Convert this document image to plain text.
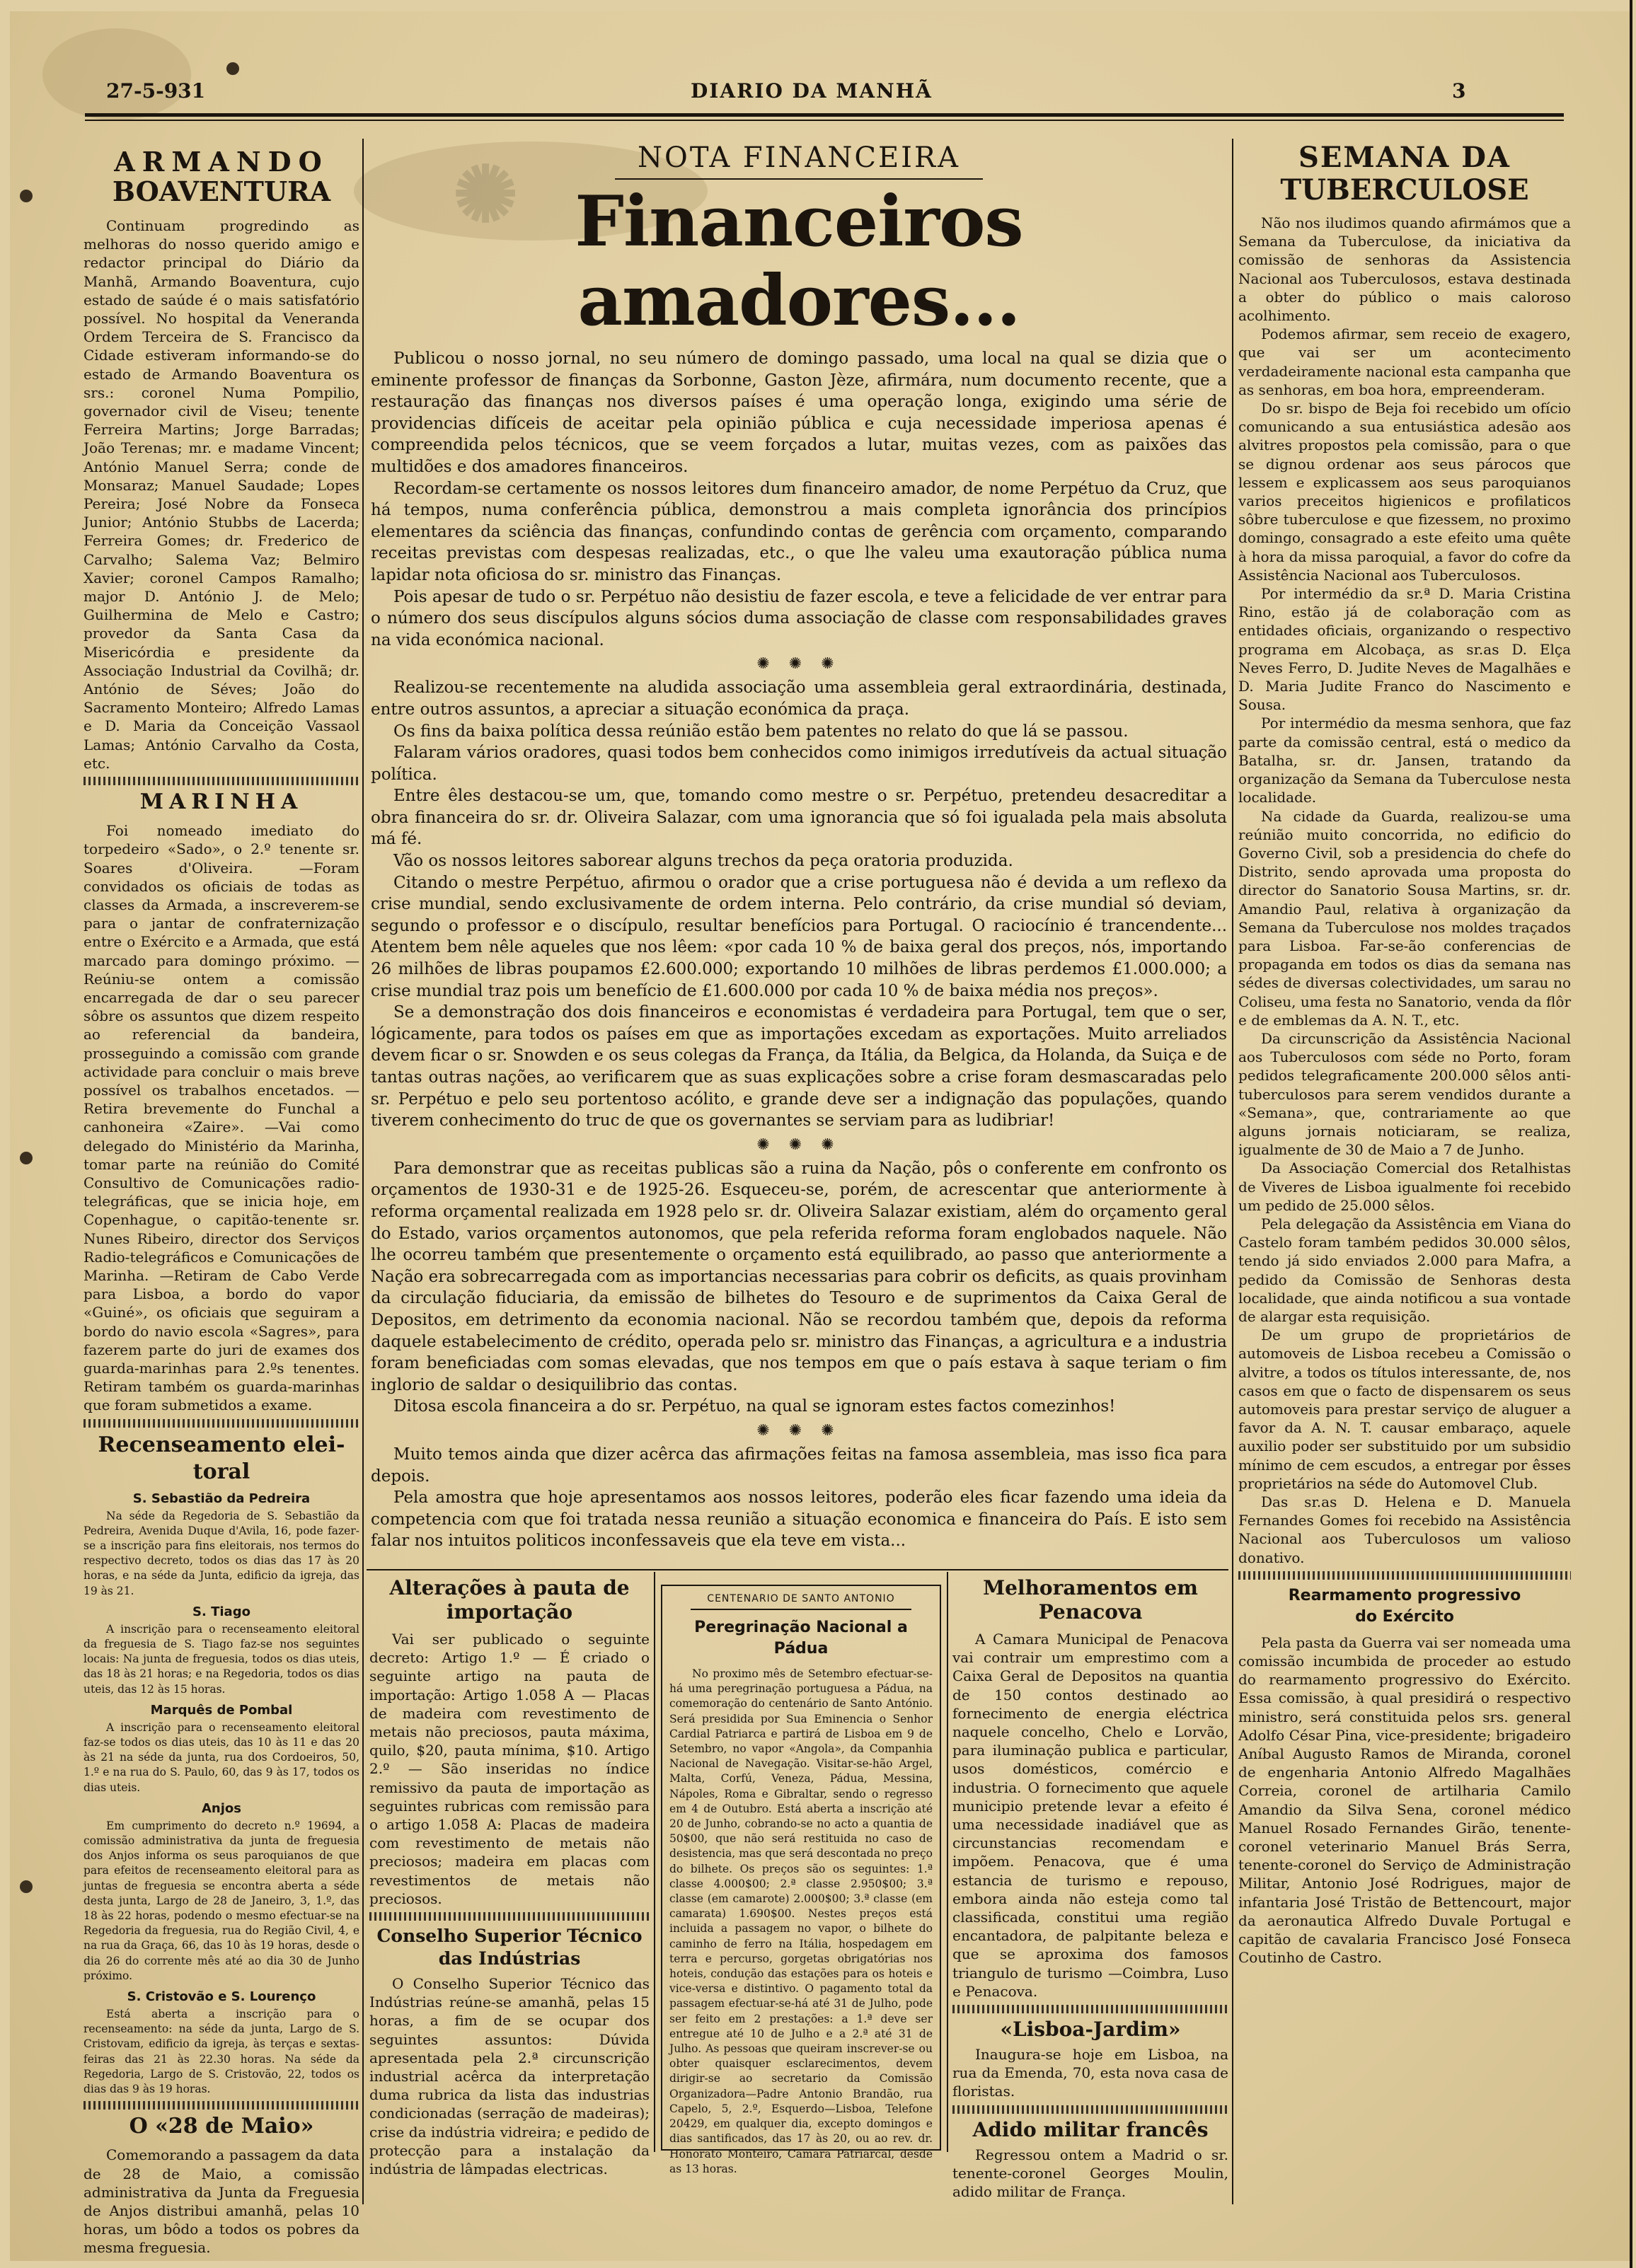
27-5-931	DIARIO DA MANHÃ	3
✺

ARMANDO

BOAVENTURA

Continuam progredindo as melhoras do nosso querido amigo e redactor principal do Diário da Manhã, Armando Boaventura, cujo estado de saúde é o mais satisfatório possível. No hospital da Veneranda Ordem Terceira de S. Francisco da Cidade estiveram informando-se do estado de Armando Boaventura os srs.: coronel Numa Pompilio, governador civil de Viseu; tenente Ferreira Martins; Jorge Barradas; João Terenas; mr. e madame Vincent; António Manuel Serra; conde de Monsaraz; Manuel Saudade; Lopes Pereira; José Nobre da Fonseca Junior; António Stubbs de Lacerda; Ferreira Gomes; dr. Frederico de Carvalho; Salema Vaz; Belmiro Xavier; coronel Campos Ramalho; major D. António J. de Melo; Guilhermina de Melo e Castro; provedor da Santa Casa da Misericórdia e presidente da Associação Industrial da Covilhã; dr. António de Séves; João do Sacramento Monteiro; Alfredo Lamas e D. Maria da Conceição Vassaol Lamas; António Carvalho da Costa, etc.

MARINHA

Foi nomeado imediato do torpedeiro «Sado», o 2.º tenente sr. Soares d'Oliveira. —Foram convidados os oficiais de todas as classes da Armada, a inscreverem-se para o jantar de confraternização entre o Exército e a Armada, que está marcado para domingo próximo. —Reúniu-se ontem a comissão encarregada de dar o seu parecer sôbre os assuntos que dizem respeito ao referencial da bandeira, prosseguindo a comissão com grande actividade para concluir o mais breve possível os trabalhos encetados. —Retira brevemente do Funchal a canhoneira «Zaire». —Vai como delegado do Ministério da Marinha, tomar parte na reúnião do Comité Consultivo de Comunicações radio-telegráficas, que se inicia hoje, em Copenhague, o capitão-tenente sr. Nunes Ribeiro, director dos Serviços Radio-telegráficos e Comunicações de Marinha. —Retiram de Cabo Verde para Lisboa, a bordo do vapor «Guiné», os oficiais que seguiram a bordo do navio escola «Sagres», para fazerem parte do juri de exames dos guarda-marinhas para 2.ºs tenentes. Retiram também os guarda-marinhas que foram submetidos a exame.

Recenseamento elei-

toral

S. Sebastião da Pedreira

Na séde da Regedoria de S. Sebastião da Pedreira, Avenida Duque d'Avila, 16, pode fazer-se a inscrição para fins eleitorais, nos termos do respectivo decreto, todos os dias das 17 às 20 horas, e na séde da Junta, edificio da igreja, das 19 às 21.

S. Tiago

A inscrição para o recenseamento eleitoral da freguesia de S. Tiago faz-se nos seguintes locais: Na junta de freguesia, todos os dias uteis, das 18 às 21 horas; e na Regedoria, todos os dias uteis, das 12 às 15 horas.

Marquês de Pombal

A inscrição para o recenseamento eleitoral faz-se todos os dias uteis, das 10 às 11 e das 20 às 21 na séde da junta, rua dos Cordoeiros, 50, 1.º e na rua do S. Paulo, 60, das 9 às 17, todos os dias uteis.

Anjos

Em cumprimento do decreto n.º 19694, a comissão administrativa da junta de freguesia dos Anjos informa os seus paroquianos de que para efeitos de recenseamento eleitoral para as juntas de freguesia se encontra aberta a séde desta junta, Largo de 28 de Janeiro, 3, 1.º, das 18 às 22 horas, podendo o mesmo efectuar-se na Regedoria da freguesia, rua do Região Civil, 4, e na rua da Graça, 66, das 10 às 19 horas, desde o dia 26 do corrente mês até ao dia 30 de Junho próximo.

S. Cristovão e S. Lourenço

Está aberta a inscrição para o recenseamento: na séde da junta, Largo de S. Cristovam, edificio da igreja, às terças e sextas-feiras das 21 às 22.30 horas. Na séde da Regedoria, Largo de S. Cristovão, 22, todos os dias das 9 às 19 horas.

O «28 de Maio»

Comemorando a passagem da data de 28 de Maio, a comissão administrativa da Junta da Freguesia de Anjos distribui amanhã, pelas 10 horas, um bôdo a todos os pobres da mesma freguesia.

NOTA FINANCEIRA

Financeiros amadores...

Publicou o nosso jornal, no seu número de domingo passado, uma local na qual se dizia que o eminente professor de finanças da Sorbonne, Gaston Jèze, afirmára, num documento recente, que a restauração das finanças nos diversos países é uma operação longa, exigindo uma série de providencias difíceis de aceitar pela opinião pública e cuja necessidade imperiosa apenas é compreendida pelos técnicos, que se veem forçados a lutar, muitas vezes, com as paixões das multidões e dos amadores financeiros.

Recordam-se certamente os nossos leitores dum financeiro amador, de nome Perpétuo da Cruz, que há tempos, numa conferência pública, demonstrou a mais completa ignorância dos princípios elementares da sciência das finanças, confundindo contas de gerência com orçamento, comparando receitas previstas com despesas realizadas, etc., o que lhe valeu uma exautoração pública numa lapidar nota oficiosa do sr. ministro das Finanças.

Pois apesar de tudo o sr. Perpétuo não desistiu de fazer escola, e teve a felicidade de ver entrar para o número dos seus discípulos alguns sócios duma associação de classe com responsabilidades graves na vida económica nacional.

✺ ✺ ✺

Realizou-se recentemente na aludida associação uma assembleia geral extraordinária, destinada, entre outros assuntos, a apreciar a situação económica da praça.

Os fins da baixa política dessa reúnião estão bem patentes no relato do que lá se passou.

Falaram vários oradores, quasi todos bem conhecidos como inimigos irredutíveis da actual situação política.

Entre êles destacou-se um, que, tomando como mestre o sr. Perpétuo, pretendeu desacreditar a obra financeira do sr. dr. Oliveira Salazar, com uma ignorancia que só foi igualada pela mais absoluta má fé.

Vão os nossos leitores saborear alguns trechos da peça oratoria produzida.

Citando o mestre Perpétuo, afirmou o orador que a crise portuguesa não é devida a um reflexo da crise mundial, sendo exclusivamente de ordem interna. Pelo contrário, da crise mundial só deviam, segundo o professor e o discípulo, resultar benefícios para Portugal. O raciocínio é trancendente... Atentem bem nêle aqueles que nos lêem: «por cada 10 % de baixa geral dos preços, nós, importando 26 milhões de libras poupamos £2.600.000; exportando 10 milhões de libras perdemos £1.000.000; a crise mundial traz pois um benefício de £1.600.000 por cada 10 % de baixa média nos preços».

Se a demonstração dos dois financeiros e economistas é verdadeira para Portugal, tem que o ser, lógicamente, para todos os países em que as importações excedam as exportações. Muito arreliados devem ficar o sr. Snowden e os seus colegas da França, da Itália, da Belgica, da Holanda, da Suiça e de tantas outras nações, ao verificarem que as suas explicações sobre a crise foram desmascaradas pelo sr. Perpétuo e pelo seu portentoso acólito, e grande deve ser a indignação das populações, quando tiverem conhecimento do truc de que os governantes se serviam para as ludibriar!

✺ ✺ ✺

Para demonstrar que as receitas publicas são a ruina da Nação, pôs o conferente em confronto os orçamentos de 1930-31 e de 1925-26. Esqueceu-se, porém, de acrescentar que anteriormente à reforma orçamental realizada em 1928 pelo sr. dr. Oliveira Salazar existiam, além do orçamento geral do Estado, varios orçamentos autonomos, que pela referida reforma foram englobados naquele. Não lhe ocorreu também que presentemente o orçamento está equilibrado, ao passo que anteriormente a Nação era sobrecarregada com as importancias necessarias para cobrir os deficits, as quais provinham da circulação fiduciaria, da emissão de bilhetes do Tesouro e de suprimentos da Caixa Geral de Depositos, em detrimento da economia nacional. Não se recordou também que, depois da reforma daquele estabelecimento de crédito, operada pelo sr. ministro das Finanças, a agricultura e a industria foram beneficiadas com somas elevadas, que nos tempos em que o país estava à saque teriam o fim inglorio de saldar o desiquilibrio das contas.

Ditosa escola financeira a do sr. Perpétuo, na qual se ignoram estes factos comezinhos!

✺ ✺ ✺

Muito temos ainda que dizer acêrca das afirmações feitas na famosa assembleia, mas isso fica para depois.

Pela amostra que hoje apresentamos aos nossos leitores, poderão eles ficar fazendo uma ideia da competencia com que foi tratada nessa reunião a situação economica e financeira do País. E isto sem falar nos intuitos politicos inconfessaveis que ela teve em vista...

Alterações à pauta de

importação

Vai ser publicado o seguinte decreto: Artigo 1.º — É criado o seguinte artigo na pauta de importação: Artigo 1.058 A — Placas de madeira com revestimento de metais não preciosos, pauta máxima, quilo, $20, pauta mínima, $10. Artigo 2.º — São inseridas no índice remissivo da pauta de importação as seguintes rubricas com remissão para o artigo 1.058 A: Placas de madeira com revestimento de metais não preciosos; madeira em placas com revestimentos de metais não preciosos.

Conselho Superior Técnico

das Indústrias

O Conselho Superior Técnico das Indústrias reúne-se amanhã, pelas 15 horas, a fim de se ocupar dos seguintes assuntos: Dúvida apresentada pela 2.ª circunscrição industrial acêrca da interpretação duma rubrica da lista das industrias condicionadas (serração de madeiras); crise da indústria vidreira; e pedido de protecção para a instalação da indústria de lâmpadas electricas.

CENTENARIO DE SANTO ANTONIO

Peregrinação Nacional a Pádua

No proximo mês de Setembro efectuar-se-há uma peregrinação portuguesa a Pádua, na comemoração do centenário de Santo António. Será presidida por Sua Eminencia o Senhor Cardial Patriarca e partirá de Lisboa em 9 de Setembro, no vapor «Angola», da Companhia Nacional de Navegação. Visitar-se-hão Argel, Malta, Corfú, Veneza, Pádua, Messina, Nápoles, Roma e Gibraltar, sendo o regresso em 4 de Outubro. Está aberta a inscrição até 20 de Junho, cobrando-se no acto a quantia de 50$00, que não será restituida no caso de desistencia, mas que será descontada no preço do bilhete. Os preços são os seguintes: 1.ª classe 4.000$00; 2.ª classe 2.950$00; 3.ª classe (em camarote) 2.000$00; 3.ª classe (em camarata) 1.690$00. Nestes preços está incluida a passagem no vapor, o bilhete do caminho de ferro na Itália, hospedagem em terra e percurso, gorgetas obrigatórias nos hoteis, condução das estações para os hoteis e vice-versa e distintivo. O pagamento total da passagem efectuar-se-há até 31 de Julho, pode ser feito em 2 prestações: a 1.ª deve ser entregue até 10 de Julho e a 2.ª até 31 de Julho. As pessoas que queiram inscrever-se ou obter quaisquer esclarecimentos, devem dirigir-se ao secretario da Comissão Organizadora—Padre Antonio Brandão, rua Capelo, 5, 2.º, Esquerdo—Lisboa, Telefone 20429, em qualquer dia, excepto domingos e dias santificados, das 17 às 20, ou ao rev. dr. Honorato Monteiro, Camara Patriarcal, desde as 13 horas.

Melhoramentos em

Penacova

A Camara Municipal de Penacova vai contrair um emprestimo com a Caixa Geral de Depositos na quantia de 150 contos destinado ao fornecimento de energia eléctrica naquele concelho, Chelo e Lorvão, para iluminação publica e particular, usos domésticos, comércio e industria. O fornecimento que aquele municipio pretende levar a efeito é uma necessidade inadiável que as circunstancias recomendam e impõem. Penacova, que é uma estancia de turismo e repouso, embora ainda não esteja como tal classificada, constitui uma região encantadora, de palpitante beleza e que se aproxima dos famosos triangulo de turismo —Coimbra, Luso e Penacova.

«Lisboa-Jardim»

Inaugura-se hoje em Lisboa, na rua da Emenda, 70, esta nova casa de floristas.

Adido militar francês

Regressou ontem a Madrid o sr. tenente-coronel Georges Moulin, adido militar de França.

SEMANA DA

TUBERCULOSE

Não nos iludimos quando afirmámos que a Semana da Tuberculose, da iniciativa da comissão de senhoras da Assistencia Nacional aos Tuberculosos, estava destinada a obter do público o mais caloroso acolhimento.

Podemos afirmar, sem receio de exagero, que vai ser um acontecimento verdadeiramente nacional esta campanha que as senhoras, em boa hora, empreenderam.

Do sr. bispo de Beja foi recebido um ofício comunicando a sua entusiástica adesão aos alvitres propostos pela comissão, para o que se dignou ordenar aos seus párocos que lessem e explicassem aos seus paroquianos varios preceitos higienicos e profilaticos sôbre tuberculose e que fizessem, no proximo domingo, consagrado a este efeito uma quête à hora da missa paroquial, a favor do cofre da Assistência Nacional aos Tuberculosos.

Por intermédio da sr.ª D. Maria Cristina Rino, estão já de colaboração com as entidades oficiais, organizando o respectivo programa em Alcobaça, as sr.as D. Elça Neves Ferro, D. Judite Neves de Magalhães e D. Maria Judite Franco do Nascimento e Sousa.

Por intermédio da mesma senhora, que faz parte da comissão central, está o medico da Batalha, sr. dr. Jansen, tratando da organização da Semana da Tuberculose nesta localidade.

Na cidade da Guarda, realizou-se uma reúnião muito concorrida, no edificio do Governo Civil, sob a presidencia do chefe do Distrito, sendo aprovada uma proposta do director do Sanatorio Sousa Martins, sr. dr. Amandio Paul, relativa à organização da Semana da Tuberculose nos moldes traçados para Lisboa. Far-se-ão conferencias de propaganda em todos os dias da semana nas sédes de diversas colectividades, um sarau no Coliseu, uma festa no Sanatorio, venda da flôr e de emblemas da A. N. T., etc.

Da circunscrição da Assistência Nacional aos Tuberculosos com séde no Porto, foram pedidos telegraficamente 200.000 sêlos anti-tuberculosos para serem vendidos durante a «Semana», que, contrariamente ao que alguns jornais noticiaram, se realiza, igualmente de 30 de Maio a 7 de Junho.

Da Associação Comercial dos Retalhistas de Viveres de Lisboa igualmente foi recebido um pedido de 25.000 sêlos.

Pela delegação da Assistência em Viana do Castelo foram também pedidos 30.000 sêlos, tendo já sido enviados 2.000 para Mafra, a pedido da Comissão de Senhoras desta localidade, que ainda notificou a sua vontade de alargar esta requisição.

De um grupo de proprietários de automoveis de Lisboa recebeu a Comissão o alvitre, a todos os títulos interessante, de, nos casos em que o facto de dispensarem os seus automoveis para prestar serviço de aluguer a favor da A. N. T. causar embaraço, aquele auxilio poder ser substituido por um subsidio mínimo de cem escudos, a entregar por êsses proprietários na séde do Automovel Club.

Das sr.as D. Helena e D. Manuela Fernandes Gomes foi recebido na Assistência Nacional aos Tuberculosos um valioso donativo.

Rearmamento progressivo

do Exército

Pela pasta da Guerra vai ser nomeada uma comissão incumbida de proceder ao estudo do rearmamento progressivo do Exército. Essa comissão, à qual presidirá o respectivo ministro, será constituida pelos srs. general Adolfo César Pina, vice-presidente; brigadeiro Aníbal Augusto Ramos de Miranda, coronel de engenharia Antonio Alfredo Magalhães Correia, coronel de artilharia Camilo Amandio da Silva Sena, coronel médico Manuel Rosado Fernandes Girão, tenente-coronel veterinario Manuel Brás Serra, tenente-coronel do Serviço de Administração Militar, Antonio José Rodrigues, major de infantaria José Tristão de Bettencourt, major da aeronautica Alfredo Duvale Portugal e capitão de cavalaria Francisco José Fonseca Coutinho de Castro.
